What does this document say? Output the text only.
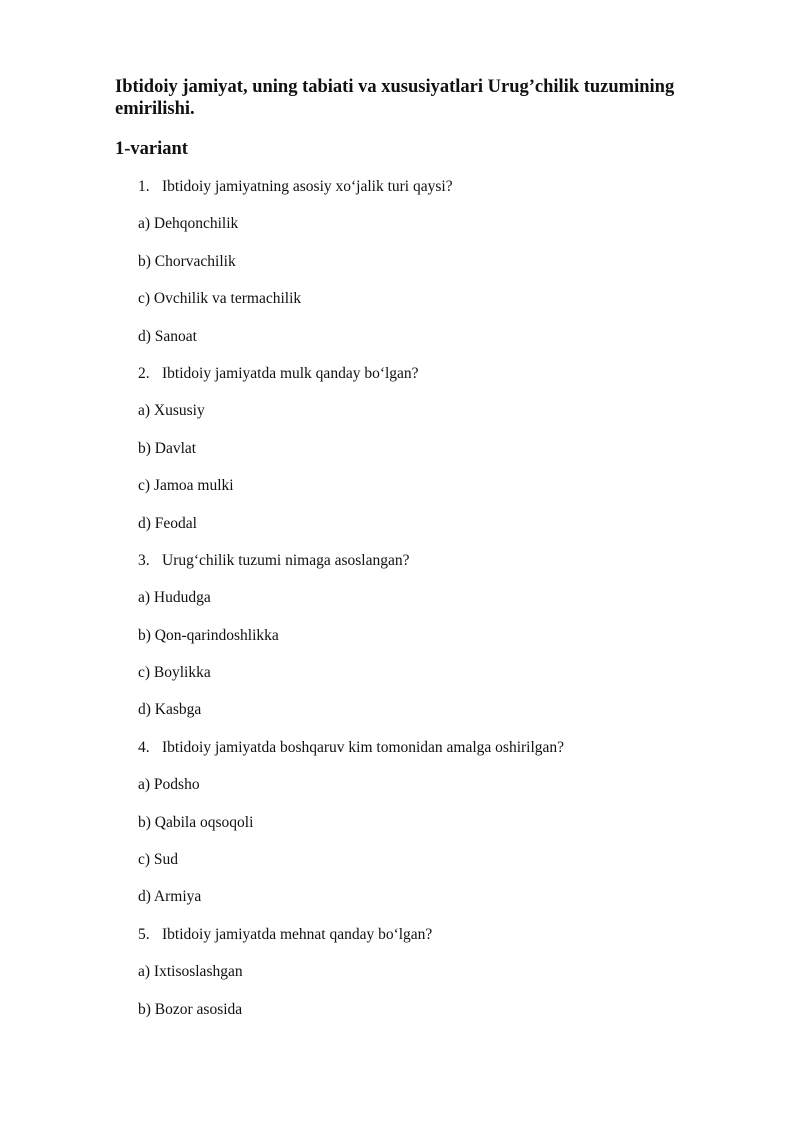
Ibtidoiy jamiyat, uning tabiati va xususiyatlari Urug’chilik tuzumining emirilishi.
1-variant
1. Ibtidoiy jamiyatning asosiy xo‘jalik turi qaysi?
a) Dehqonchilik
b) Chorvachilik
c) Ovchilik va termachilik
d) Sanoat
2. Ibtidoiy jamiyatda mulk qanday bo‘lgan?
a) Xususiy
b) Davlat
c) Jamoa mulki
d) Feodal
3. Urug‘chilik tuzumi nimaga asoslangan?
a) Hududga
b) Qon-qarindoshlikka
c) Boylikka
d) Kasbga
4. Ibtidoiy jamiyatda boshqaruv kim tomonidan amalga oshirilgan?
a) Podsho
b) Qabila oqsoqoli
c) Sud
d) Armiya
5. Ibtidoiy jamiyatda mehnat qanday bo‘lgan?
a) Ixtisoslashgan
b) Bozor asosida
